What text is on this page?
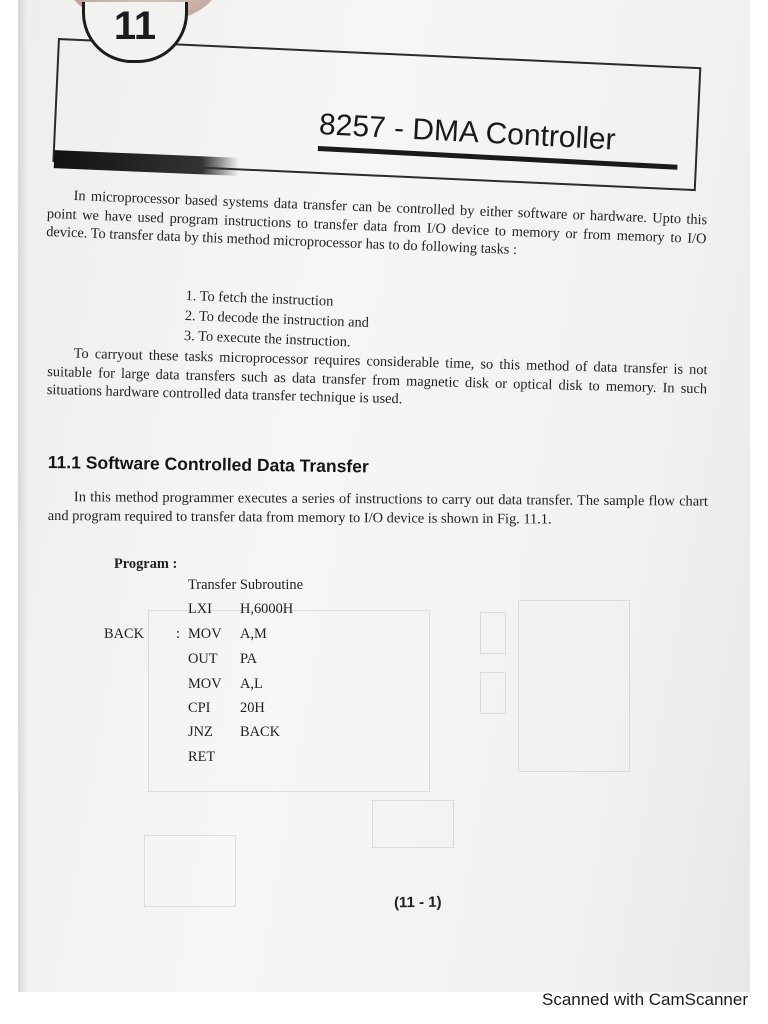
11
8257 - DMA Controller

In microprocessor based systems data transfer can be controlled by either software or hardware. Upto this point we have used program instructions to transfer data from I/O device to memory or from memory to I/O device. To transfer data by this method microprocessor has to do following tasks :

1. To fetch the instruction
2. To decode the instruction and
3. To execute the instruction.

To carryout these tasks microprocessor requires considerable time, so this method of data transfer is not suitable for large data transfers such as data transfer from magnetic disk or optical disk to memory. In such situations hardware controlled data transfer technique is used.

11.1 Software Controlled Data Transfer

In this method programmer executes a series of instructions to carry out data transfer. The sample flow chart and program required to transfer data from memory to I/O device is shown in Fig. 11.1.

Program :
Transfer Subroutine
LXI H,6000H
BACK : MOV A,M
OUT PA
MOV A,L
CPI 20H
JNZ BACK
RET
(11 - 1)
Scanned with CamScanner
